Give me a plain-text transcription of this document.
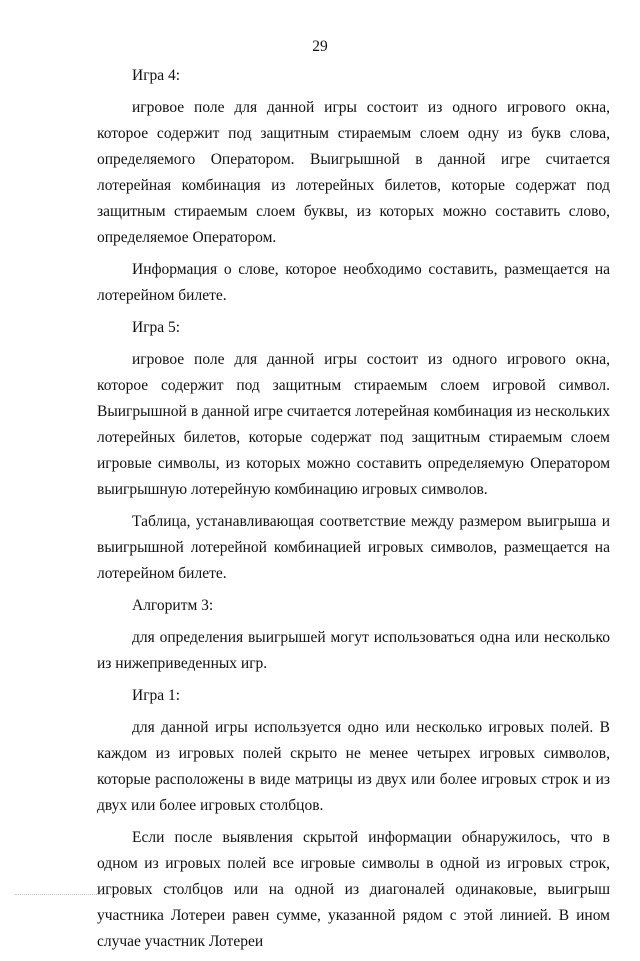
29

Игра 4:

игровое поле для данной игры состоит из одного игрового окна, которое содержит под защитным стираемым слоем одну из букв слова, определяемого Оператором. Выигрышной в данной игре считается лотерейная комбинация из лотерейных билетов, которые содержат под защитным стираемым слоем буквы, из которых можно составить слово, определяемое Оператором.

Информация о слове, которое необходимо составить, размещается на лотерейном билете.

Игра 5:

игровое поле для данной игры состоит из одного игрового окна, которое содержит под защитным стираемым слоем игровой символ. Выигрышной в данной игре считается лотерейная комбинация из нескольких лотерейных билетов, которые содержат под защитным стираемым слоем игровые символы, из которых можно составить определяемую Оператором выигрышную лотерейную комбинацию игровых символов.

Таблица, устанавливающая соответствие между размером выигрыша и выигрышной лотерейной комбинацией игровых символов, размещается на лотерейном билете.

Алгоритм 3:

для определения выигрышей могут использоваться одна или несколько из нижеприведенных игр.

Игра 1:

для данной игры используется одно или несколько игровых полей. В каждом из игровых полей скрыто не менее четырех игровых символов, которые расположены в виде матрицы из двух или более игровых строк и из двух или более игровых столбцов.

Если после выявления скрытой информации обнаружилось, что в одном из игровых полей все игровые символы в одной из игровых строк, игровых столбцов или на одной из диагоналей одинаковые, выигрыш участника Лотереи равен сумме, указанной рядом с этой линией. В ином случае участник Лотереи
